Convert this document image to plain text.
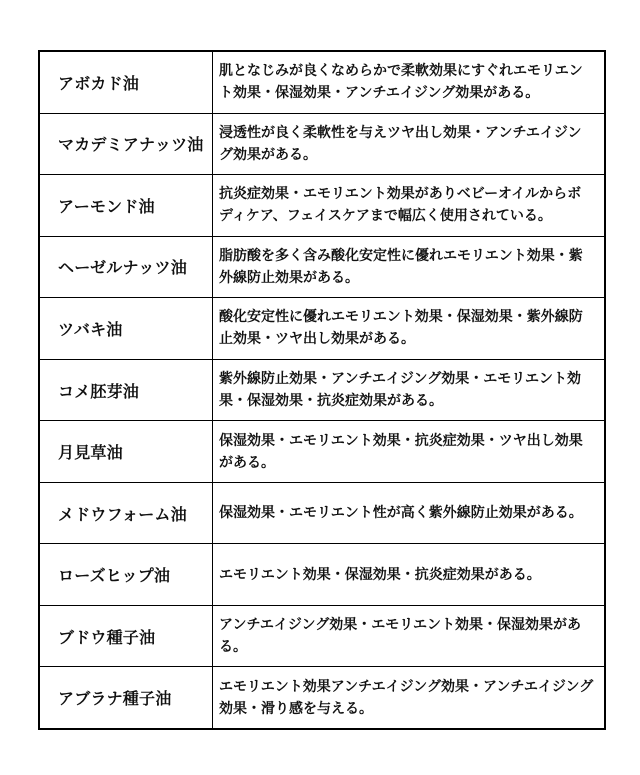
アボカド油
肌となじみが良くなめらかで柔軟効果にすぐれエモリエント効果・保湿効果・アンチエイジング効果がある。
マカデミアナッツ油
浸透性が良く柔軟性を与えツヤ出し効果・アンチエイジング効果がある。
アーモンド油
抗炎症効果・エモリエント効果がありベビーオイルからボディケア、フェイスケアまで幅広く使用されている。
ヘーゼルナッツ油
脂肪酸を多く含み酸化安定性に優れエモリエント効果・紫外線防止効果がある。
ツバキ油
酸化安定性に優れエモリエント効果・保湿効果・紫外線防止効果・ツヤ出し効果がある。
コメ胚芽油
紫外線防止効果・アンチエイジング効果・エモリエント効果・保湿効果・抗炎症効果がある。
月見草油
保湿効果・エモリエント効果・抗炎症効果・ツヤ出し効果がある。
メドウフォーム油	保湿効果・エモリエント性が高く紫外線防止効果がある。
ローズヒップ油	エモリエント効果・保湿効果・抗炎症効果がある。
ブドウ種子油
アンチエイジング効果・エモリエント効果・保湿効果がある。
アブラナ種子油
エモリエント効果アンチエイジング効果・アンチエイジング効果・滑り感を与える。
